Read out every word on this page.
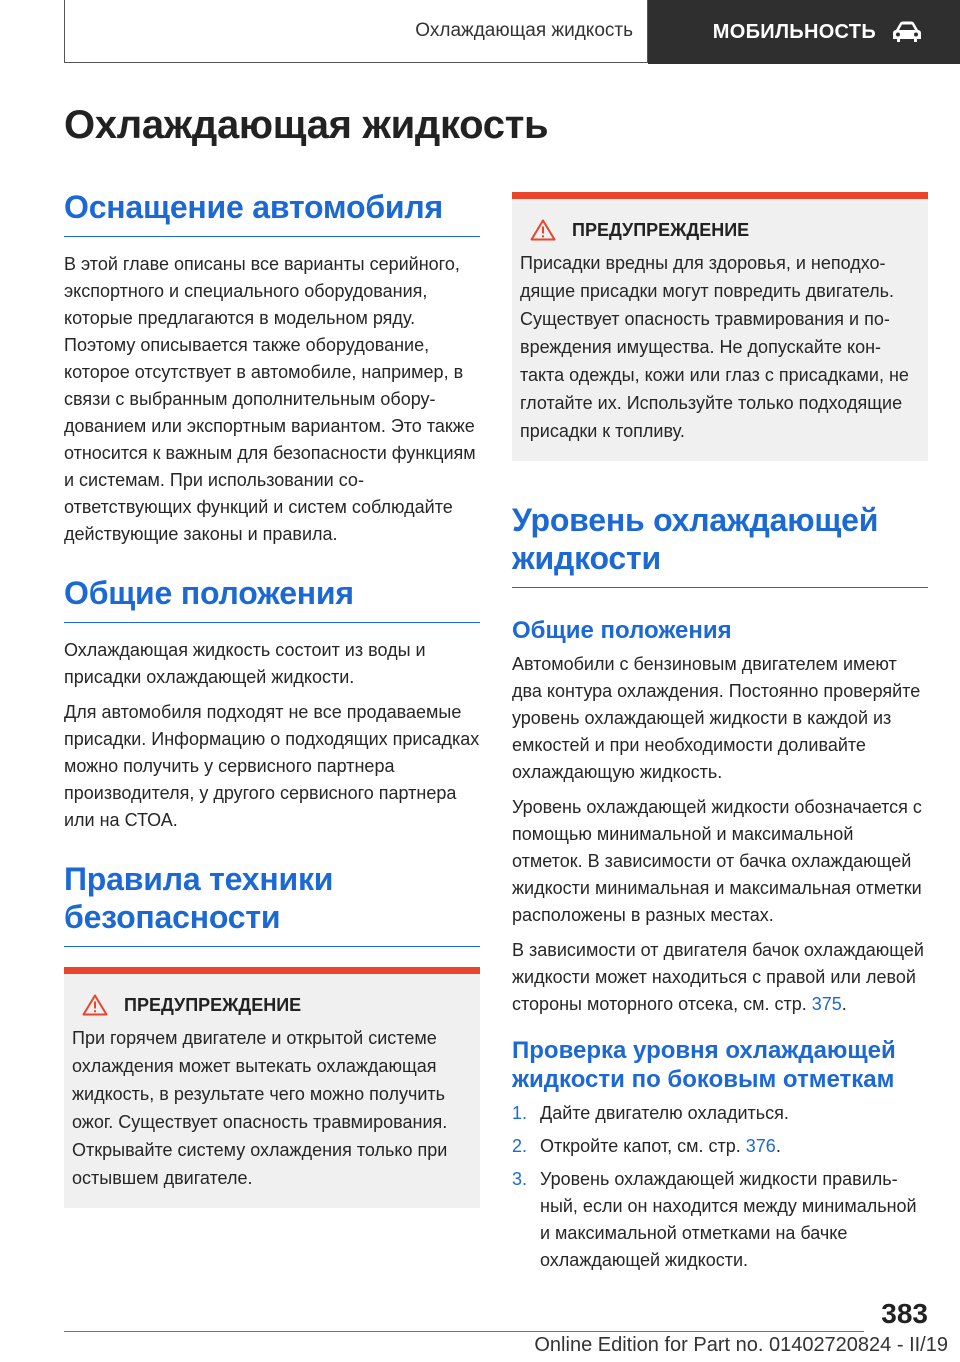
Охлаждающая жидкость	МОБИЛЬНОСТЬ
Охлаждающая жидкость
Оснащение автомобиля

В этой главе описаны все варианты серийного, экспортного и специального оборудования, которые предлагаются в модельном ряду. Поэтому описывается также оборудование, которое отсутствует в автомобиле, например, в связи с выбранным дополнительным оборудованием или экспортным вариантом. Это также относится к важным для безопасности функциям и системам. При использовании соответствующих функций и систем соблюдайте действующие законы и правила.

Общие положения

Охлаждающая жидкость состоит из воды и присадки охлаждающей жидкости.

Для автомобиля подходят не все продаваемые присадки. Информацию о подходящих присадках можно получить у сервисного партнера производителя, у другого сервисного партнера или на СТОА.

Правила техники безопасности
ПРЕДУПРЕЖДЕНИЕ

При горячем двигателе и открытой системе охлаждения может вытекать охлаждающая жидкость, в результате чего можно получить ожог. Существует опасность травмирования. Открывайте систему охлаждения только при остывшем двигателе.

ПРЕДУПРЕЖДЕНИЕ

Присадки вредны для здоровья, и неподходящие присадки могут повредить двигатель. Существует опасность травмирования и повреждения имущества. Не допускайте контакта одежды, кожи или глаз с присадками, не глотайте их. Используйте только подходящие присадки к топливу.

Уровень охлаждающей жидкости
Общие положения

Автомобили с бензиновым двигателем имеют два контура охлаждения. Постоянно проверяйте уровень охлаждающей жидкости в каждой из емкостей и при необходимости доливайте охлаждающую жидкость.

Уровень охлаждающей жидкости обозначается с помощью минимальной и максимальной отметок. В зависимости от бачка охлаждающей жидкости минимальная и максимальная отметки расположены в разных местах.

В зависимости от двигателя бачок охлаждающей жидкости может находиться с правой или левой стороны моторного отсека, см. стр. 375.

Проверка уровня охлаждающей жидкости по боковым отметкам
1. Дайте двигателю охладиться.
2. Откройте капот, см. стр. 376.
3. Уровень охлаждающей жидкости правильный, если он находится между минимальной и максимальной отметками на бачке охлаждающей жидкости.
383
Online Edition for Part no. 01402720824 - II/19
